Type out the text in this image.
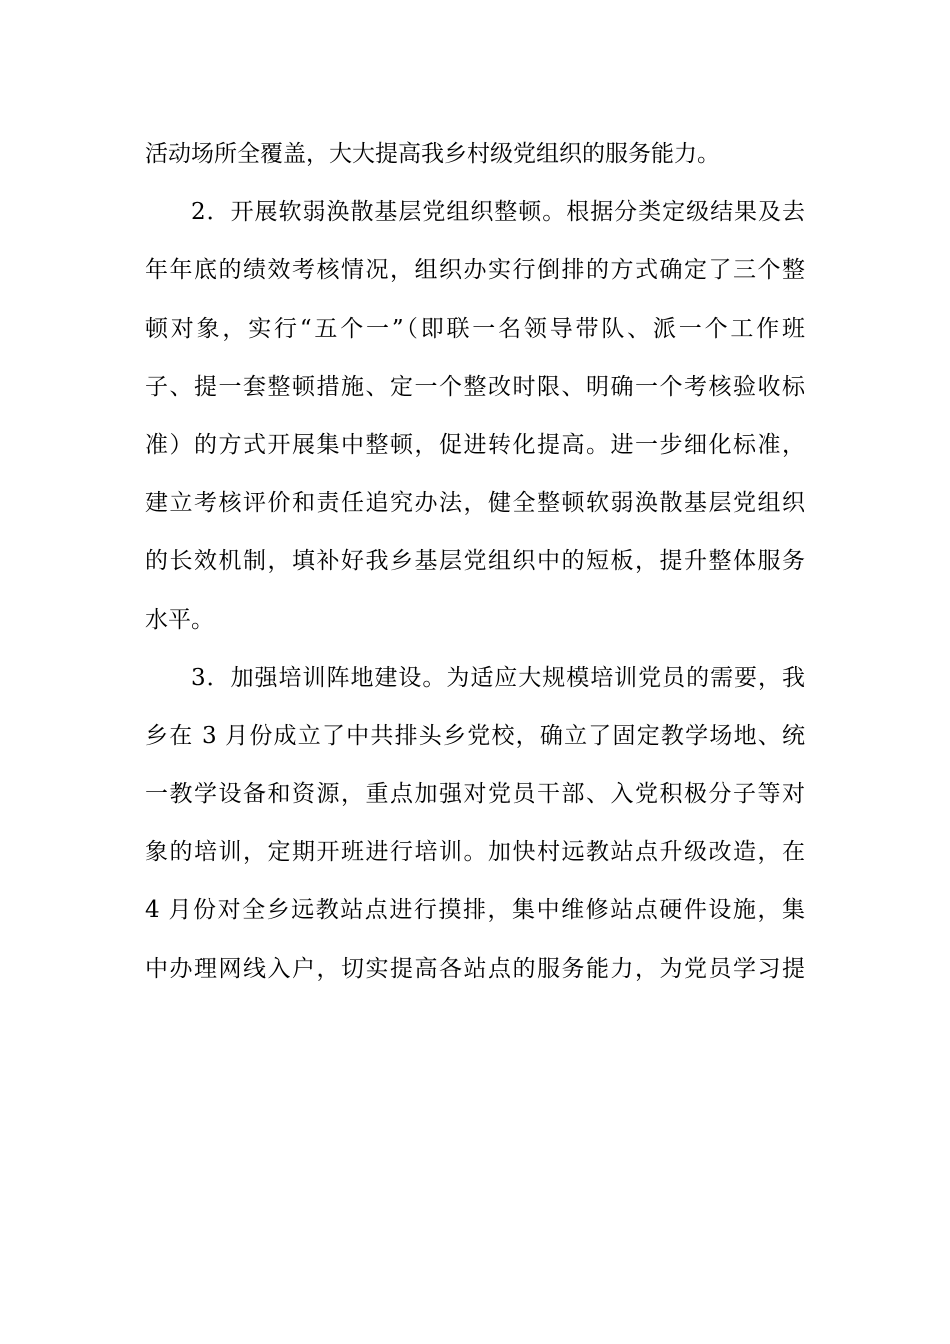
活动场所全覆盖，大大提高我乡村级党组织的服务能力。
2．开展软弱涣散基层党组织整顿。根据分类定级结果及去
年年底的绩效考核情况，组织办实行倒排的方式确定了三个整
顿对象，实行“五个一”（即联一名领导带队、派一个工作班
子、提一套整顿措施、定一个整改时限、明确一个考核验收标
准）的方式开展集中整顿，促进转化提高。进一步细化标准，
建立考核评价和责任追究办法，健全整顿软弱涣散基层党组织
的长效机制，填补好我乡基层党组织中的短板，提升整体服务
水平。
3．加强培训阵地建设。为适应大规模培训党员的需要，我
乡在 3 月份成立了中共排头乡党校，确立了固定教学场地、统
一教学设备和资源，重点加强对党员干部、入党积极分子等对
象的培训，定期开班进行培训。加快村远教站点升级改造，在
4 月份对全乡远教站点进行摸排，集中维修站点硬件设施，集
中办理网线入户，切实提高各站点的服务能力，为党员学习提
